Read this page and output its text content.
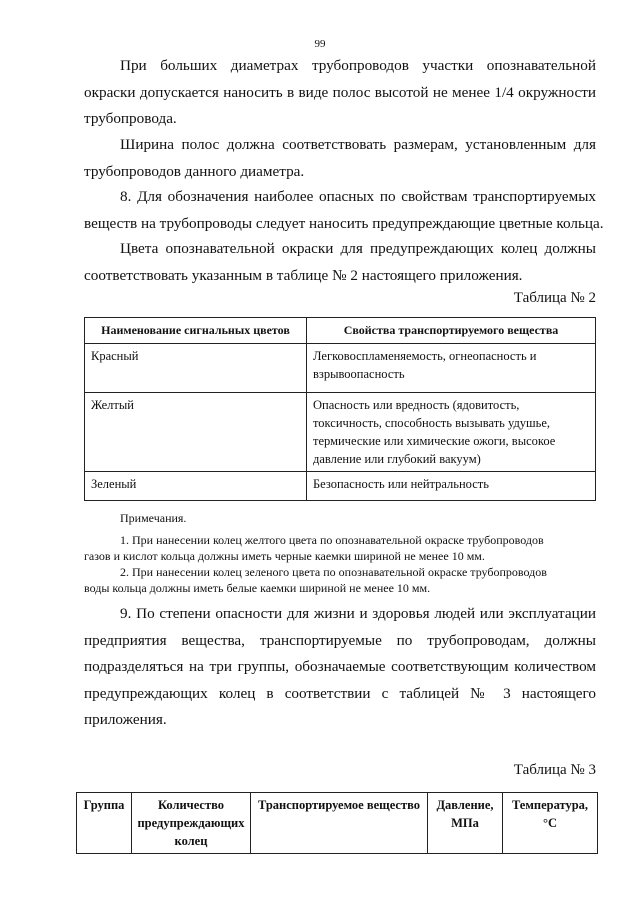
99
При больших диаметрах трубопроводов участки опознавательной
окраски допускается наносить в виде полос высотой не менее 1/4 окружности
трубопровода.
Ширина полос должна соответствовать размерам, установленным для
трубопроводов данного диаметра.
8. Для обозначения наиболее опасных по свойствам транспортируемых
веществ на трубопроводы следует наносить предупреждающие цветные кольца.
Цвета опознавательной окраски для предупреждающих колец должны
соответствовать указанным в таблице № 2 настоящего приложения.
Таблица № 2
Наименование сигнальных цветов	Свойства транспортируемого вещества
Красный	Легковоспламеняемость, огнеопасность и взрывоопасность
Желтый	Опасность или вредность (ядовитость, токсичность, способность вызывать удушье, термические или химические ожоги, высокое давление или глубокий вакуум)
Зеленый	Безопасность или нейтральность
Примечания.
1. При нанесении колец желтого цвета по опознавательной окраске трубопроводов
газов и кислот кольца должны иметь черные каемки шириной не менее 10 мм.
2. При нанесении колец зеленого цвета по опознавательной окраске трубопроводов
воды кольца должны иметь белые каемки шириной не менее 10 мм.
9. По степени опасности для жизни и здоровья людей или эксплуатации
предприятия вещества, транспортируемые по трубопроводам, должны
подразделяться на три группы, обозначаемые соответствующим количеством
предупреждающих колец в соответствии с таблицей № 3 настоящего
приложения.
Таблица № 3
Группа	Количество предупреждающих колец	Транспортируемое вещество	Давление, МПа	Температура, °С
